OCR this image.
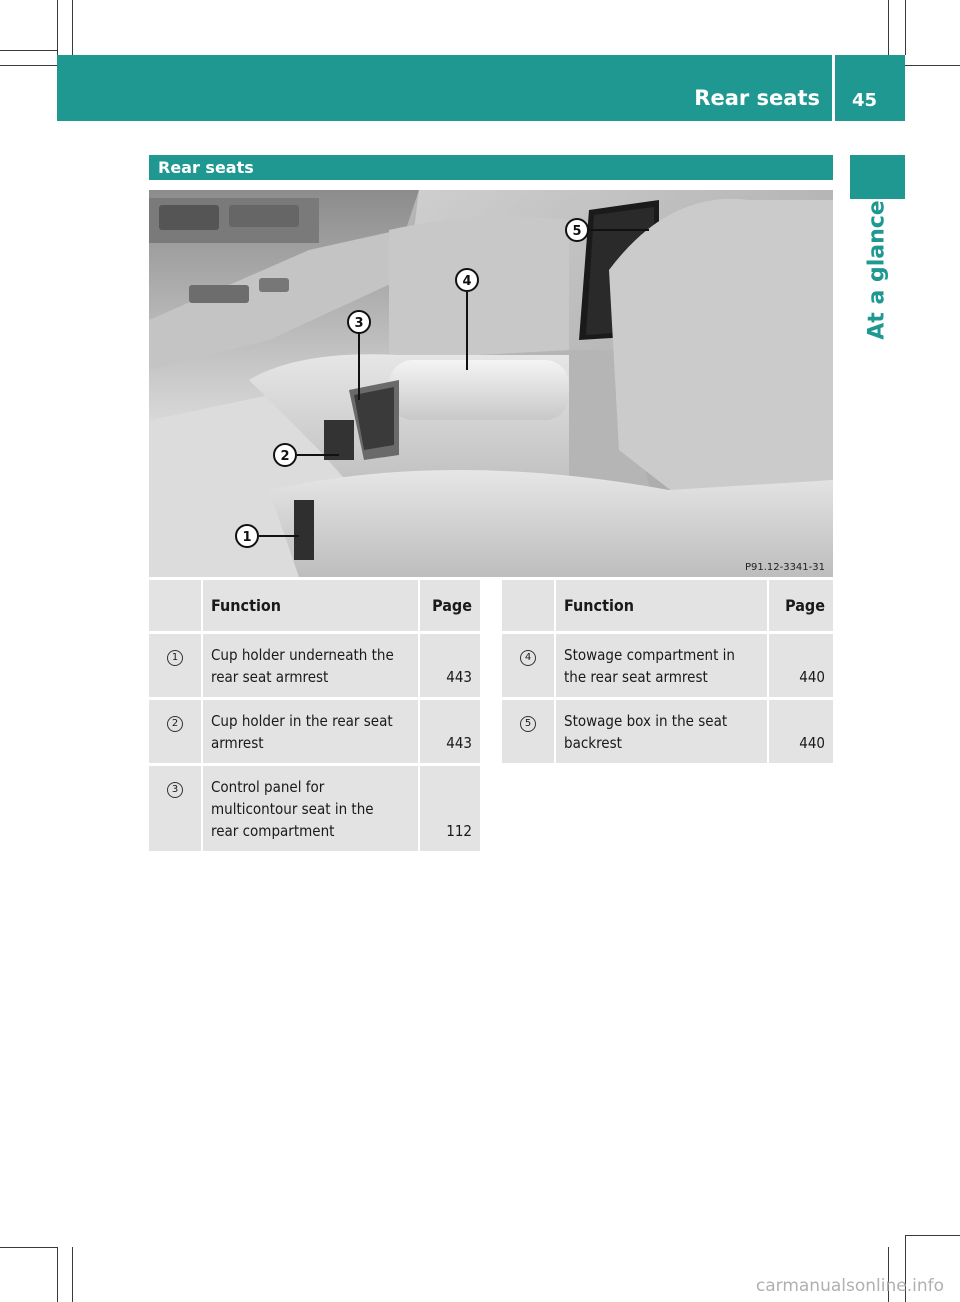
Rear seats 45
At a glance
Rear seats
5
4
3
2
1
P91.12-3341-31
	Function	Page
1	Cup holder underneath the
rear seat armrest	443
2	Cup holder in the rear seat
armrest	443
3	Control panel for
multicontour seat in the
rear compartment	112
	Function	Page
4	Stowage compartment in
the rear seat armrest	440
5	Stowage box in the seat
backrest	440
carmanualsonline.info
